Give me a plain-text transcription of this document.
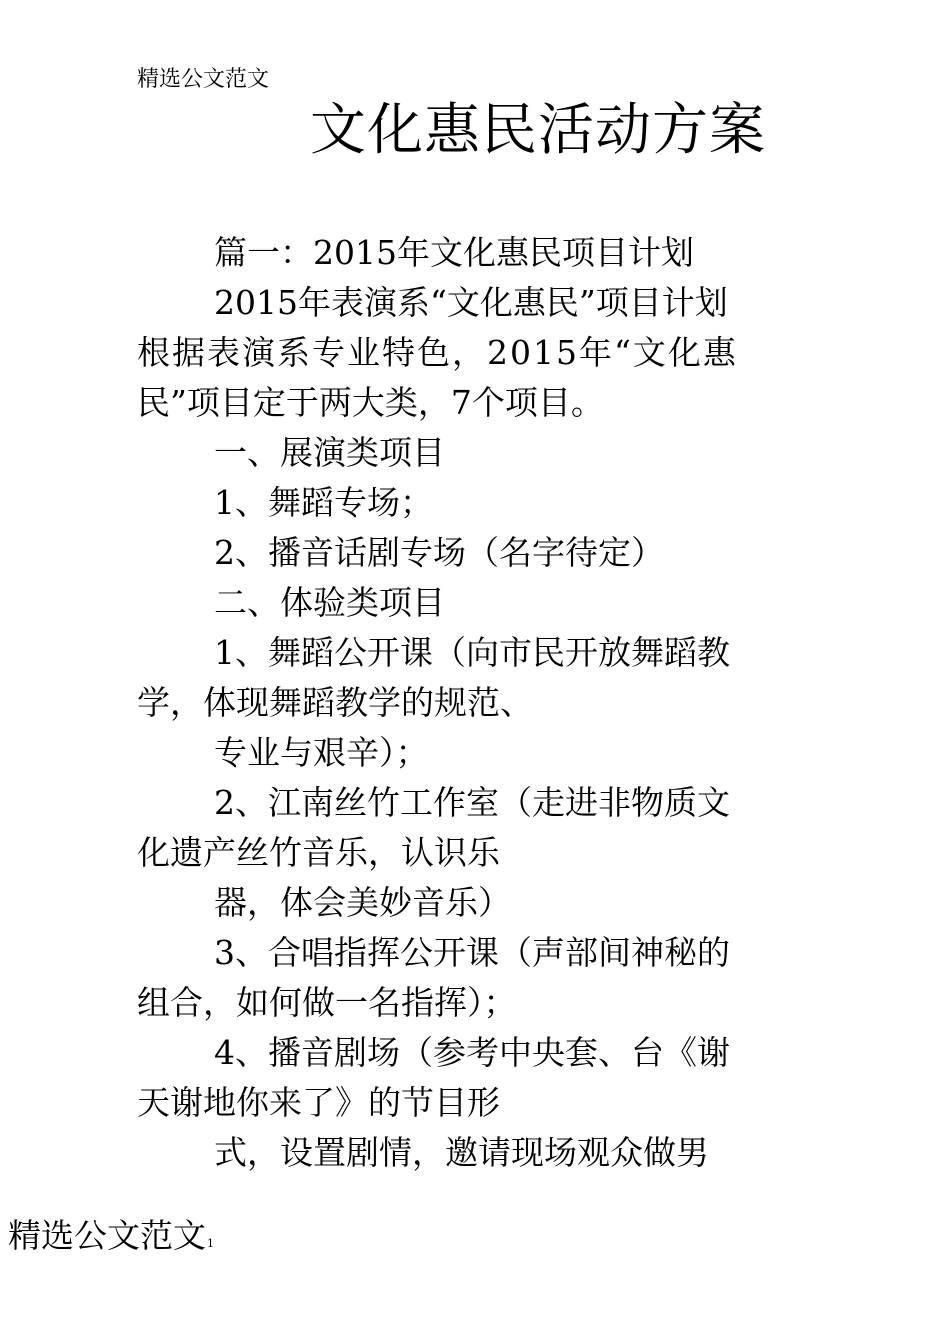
精选公文范文
文化惠民活动方案
篇一：2015年文化惠民项目计划
2015年表演系“文化惠民”项目计划
根据表演系专业特色，2015年“文化惠
民”项目定于两大类，7个项目。
一、展演类项目
1、舞蹈专场；
2、播音话剧专场（名字待定）
二、体验类项目
1、舞蹈公开课（向市民开放舞蹈教
学，体现舞蹈教学的规范、
专业与艰辛）；
2、江南丝竹工作室（走进非物质文
化遗产丝竹音乐，认识乐
器，体会美妙音乐）
3、合唱指挥公开课（声部间神秘的
组合，如何做一名指挥）；
4、播音剧场（参考中央套、台《谢
天谢地你来了》的节目形
式，设置剧情，邀请现场观众做男
精选公文范文1
